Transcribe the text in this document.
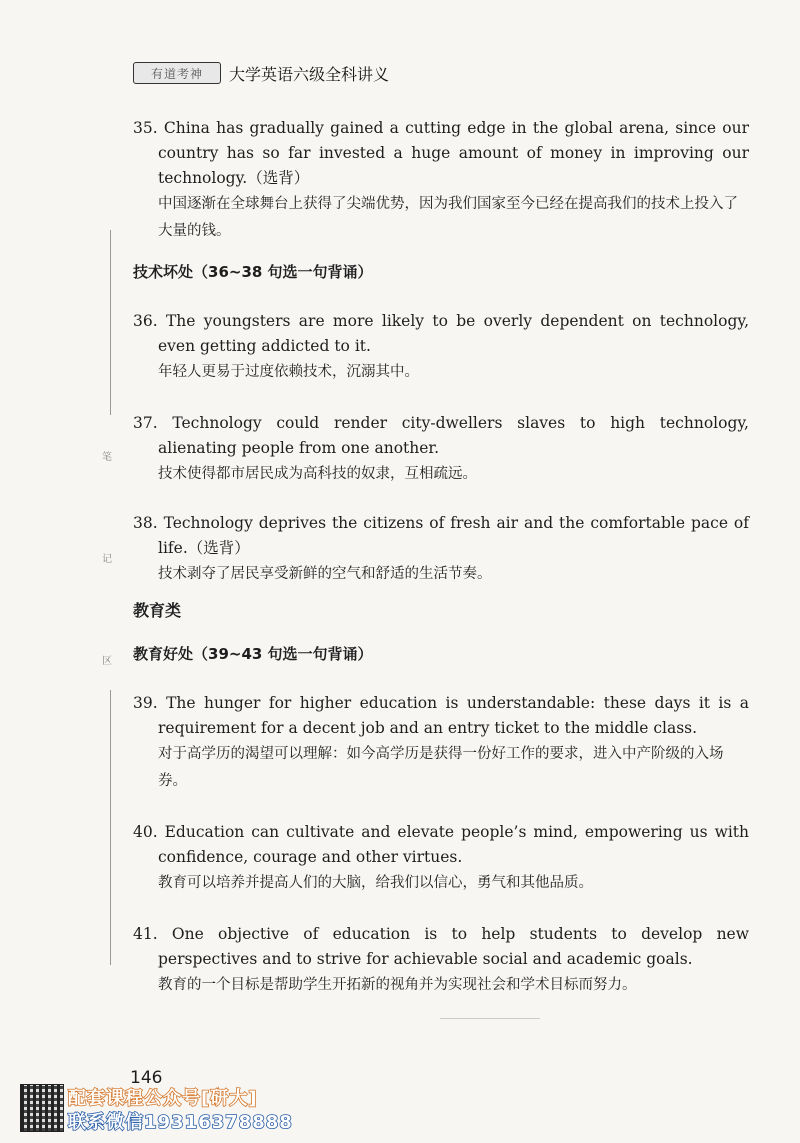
有道考神	大学英语六级全科讲义
笔
记
区
35. China has gradually gained a cutting edge in the global arena, since our country has so far invested a huge amount of money in improving our technology.（选背）
中国逐渐在全球舞台上获得了尖端优势，因为我们国家至今已经在提高我们的技术上投入了大量的钱。
技术坏处（36~38 句选一句背诵）
36. The youngsters are more likely to be overly dependent on technology, even getting addicted to it.
年轻人更易于过度依赖技术，沉溺其中。
37. Technology could render city-dwellers slaves to high technology, alienating people from one another.
技术使得都市居民成为高科技的奴隶，互相疏远。
38. Technology deprives the citizens of fresh air and the comfortable pace of life.（选背）
技术剥夺了居民享受新鲜的空气和舒适的生活节奏。
教育类
教育好处（39~43 句选一句背诵）
39. The hunger for higher education is understandable: these days it is a requirement for a decent job and an entry ticket to the middle class.
对于高学历的渴望可以理解：如今高学历是获得一份好工作的要求，进入中产阶级的入场券。
40. Education can cultivate and elevate people’s mind, empowering us with confidence, courage and other virtues.
教育可以培养并提高人们的大脑，给我们以信心，勇气和其他品质。
41. One objective of education is to help students to develop new perspectives and to strive for achievable social and academic goals.
教育的一个目标是帮助学生开拓新的视角并为实现社会和学术目标而努力。
146
配套课程公众号[研大]
联系微信19316378888
